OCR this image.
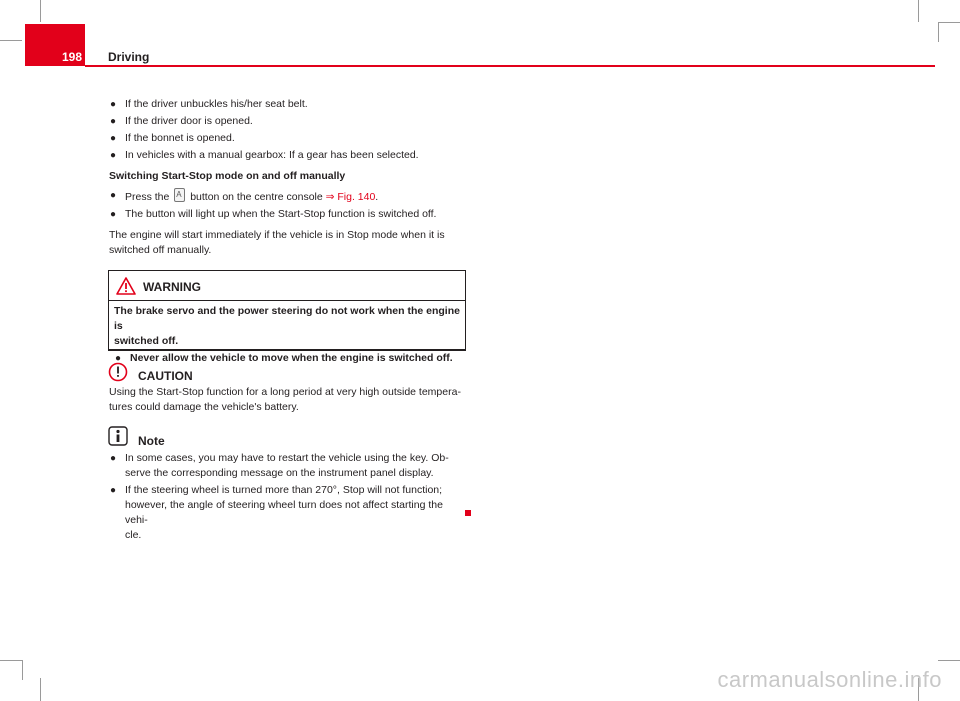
198 Driving
● If the driver unbuckles his/her seat belt.
● If the driver door is opened.
● If the bonnet is opened.
● In vehicles with a manual gearbox: If a gear has been selected.
Switching Start-Stop mode on and off manually
● Press the A button on the centre console ⇒ Fig. 140.
● The button will light up when the Start-Stop function is switched off.
The engine will start immediately if the vehicle is in Stop mode when it is
switched off manually.
WARNING
The brake servo and the power steering do not work when the engine is
switched off.
● Never allow the vehicle to move when the engine is switched off.
CAUTION
Using the Start-Stop function for a long period at very high outside tempera-
tures could damage the vehicle's battery.
Note
● In some cases, you may have to restart the vehicle using the key. Ob-
serve the corresponding message on the instrument panel display.
● If the steering wheel is turned more than 270°, Stop will not function;
however, the angle of steering wheel turn does not affect starting the vehi-
cle.
carmanualsonline.info
